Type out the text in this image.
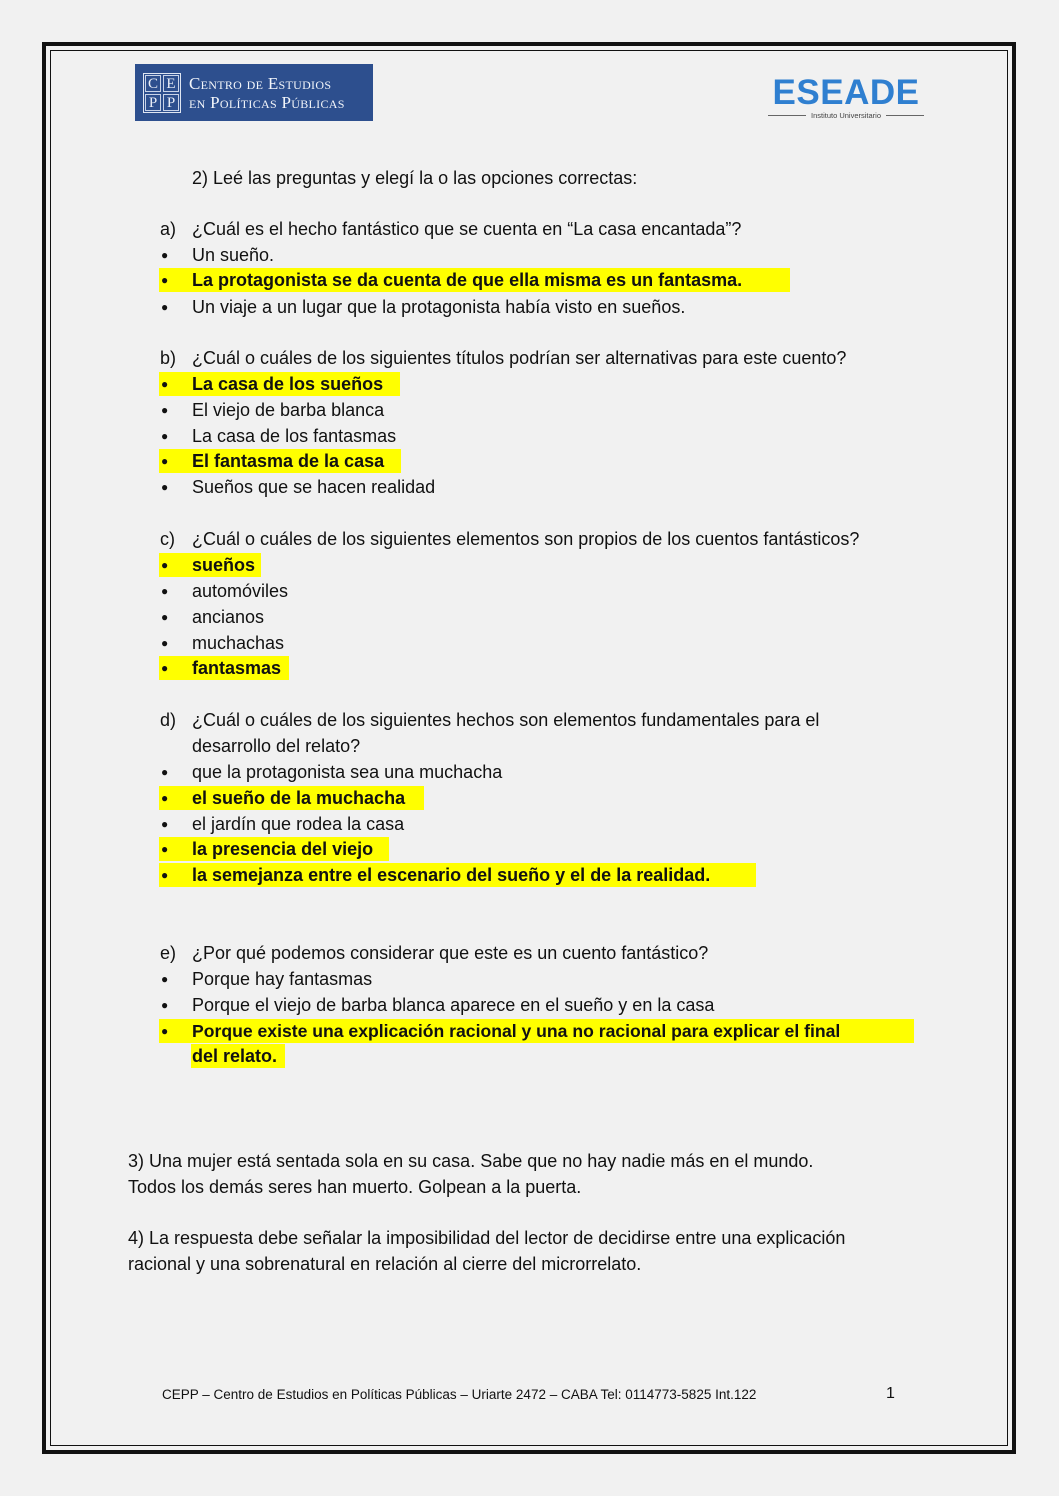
C E
P P
Centro de Estudios
en Políticas Públicas	ESEADE
Instituto Universitario
2) Leé las preguntas y elegí la o las opciones correctas:
a) ¿Cuál es el hecho fantástico que se cuenta en “La casa encantada”?
● Un sueño.
● La protagonista se da cuenta de que ella misma es un fantasma.
● Un viaje a un lugar que la protagonista había visto en sueños.
b) ¿Cuál o cuáles de los siguientes títulos podrían ser alternativas para este cuento?
● La casa de los sueños
● El viejo de barba blanca
● La casa de los fantasmas
● El fantasma de la casa
● Sueños que se hacen realidad
c) ¿Cuál o cuáles de los siguientes elementos son propios de los cuentos fantásticos?
● sueños
● automóviles
● ancianos
● muchachas
● fantasmas
d) ¿Cuál o cuáles de los siguientes hechos son elementos fundamentales para el
desarrollo del relato?
● que la protagonista sea una muchacha
● el sueño de la muchacha
● el jardín que rodea la casa
● la presencia del viejo
● la semejanza entre el escenario del sueño y el de la realidad.
e) ¿Por qué podemos considerar que este es un cuento fantástico?
● Porque hay fantasmas
● Porque el viejo de barba blanca aparece en el sueño y en la casa
● Porque existe una explicación racional y una no racional para explicar el final
del relato.
3) Una mujer está sentada sola en su casa. Sabe que no hay nadie más en el mundo.
Todos los demás seres han muerto. Golpean a la puerta.
4) La respuesta debe señalar la imposibilidad del lector de decidirse entre una explicación
racional y una sobrenatural en relación al cierre del microrrelato.
CEPP – Centro de Estudios en Políticas Públicas – Uriarte 2472 – CABA Tel: 0114773-5825 Int.122	1
